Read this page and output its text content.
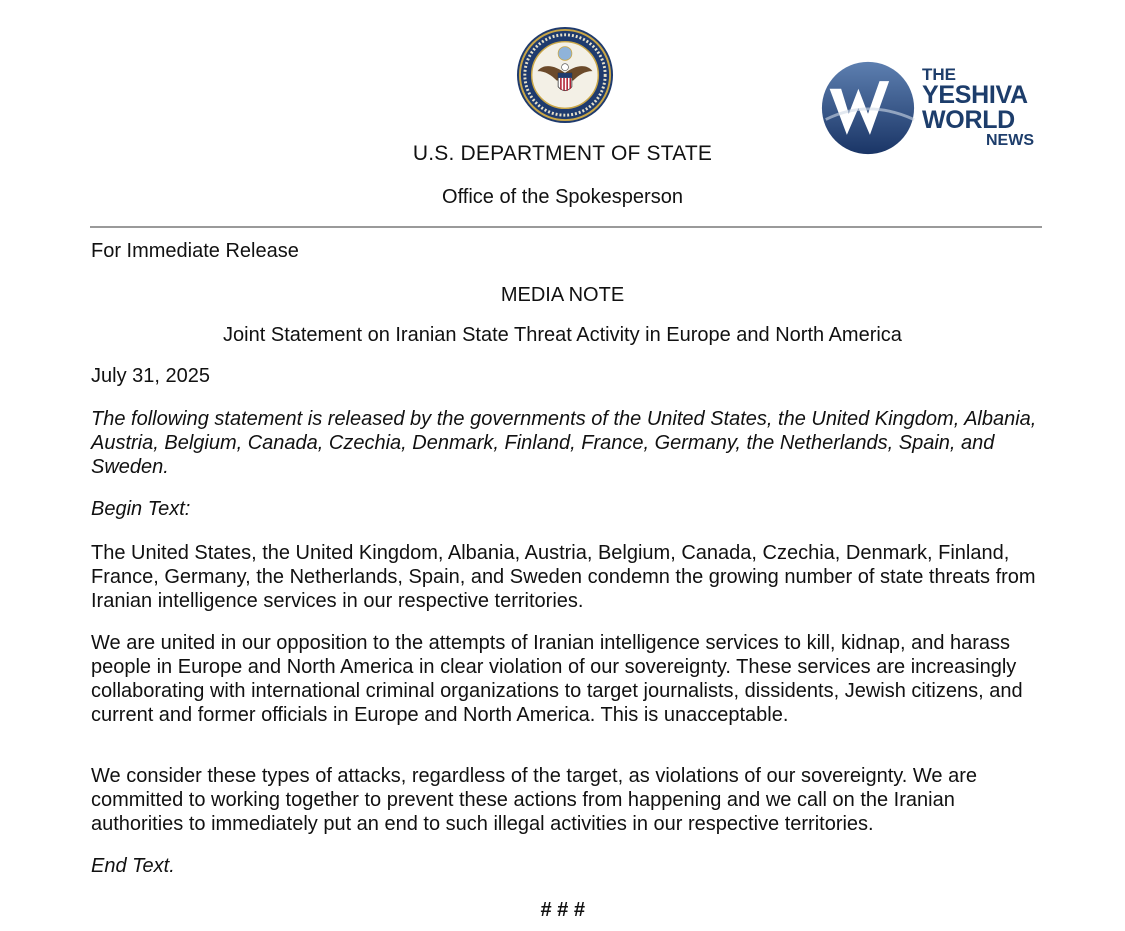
THE
YESHIVA
WORLD
NEWS
U.S. DEPARTMENT OF STATE
Office of the Spokesperson
For Immediate Release
MEDIA NOTE
Joint Statement on Iranian State Threat Activity in Europe and North America
July 31, 2025
The following statement is released by the governments of the United States, the United Kingdom, Albania, Austria, Belgium, Canada, Czechia, Denmark, Finland, France, Germany, the Netherlands, Spain, and Sweden.
Begin Text:
The United States, the United Kingdom, Albania, Austria, Belgium, Canada, Czechia, Denmark, Finland, France, Germany, the Netherlands, Spain, and Sweden condemn the growing number of state threats from Iranian intelligence services in our respective territories.
We are united in our opposition to the attempts of Iranian intelligence services to kill, kidnap, and harass people in Europe and North America in clear violation of our sovereignty. These services are increasingly collaborating with international criminal organizations to target journalists, dissidents, Jewish citizens, and current and former officials in Europe and North America. This is unacceptable.
We consider these types of attacks, regardless of the target, as violations of our sovereignty. We are committed to working together to prevent these actions from happening and we call on the Iranian authorities to immediately put an end to such illegal activities in our respective territories.
End Text.
# # #
